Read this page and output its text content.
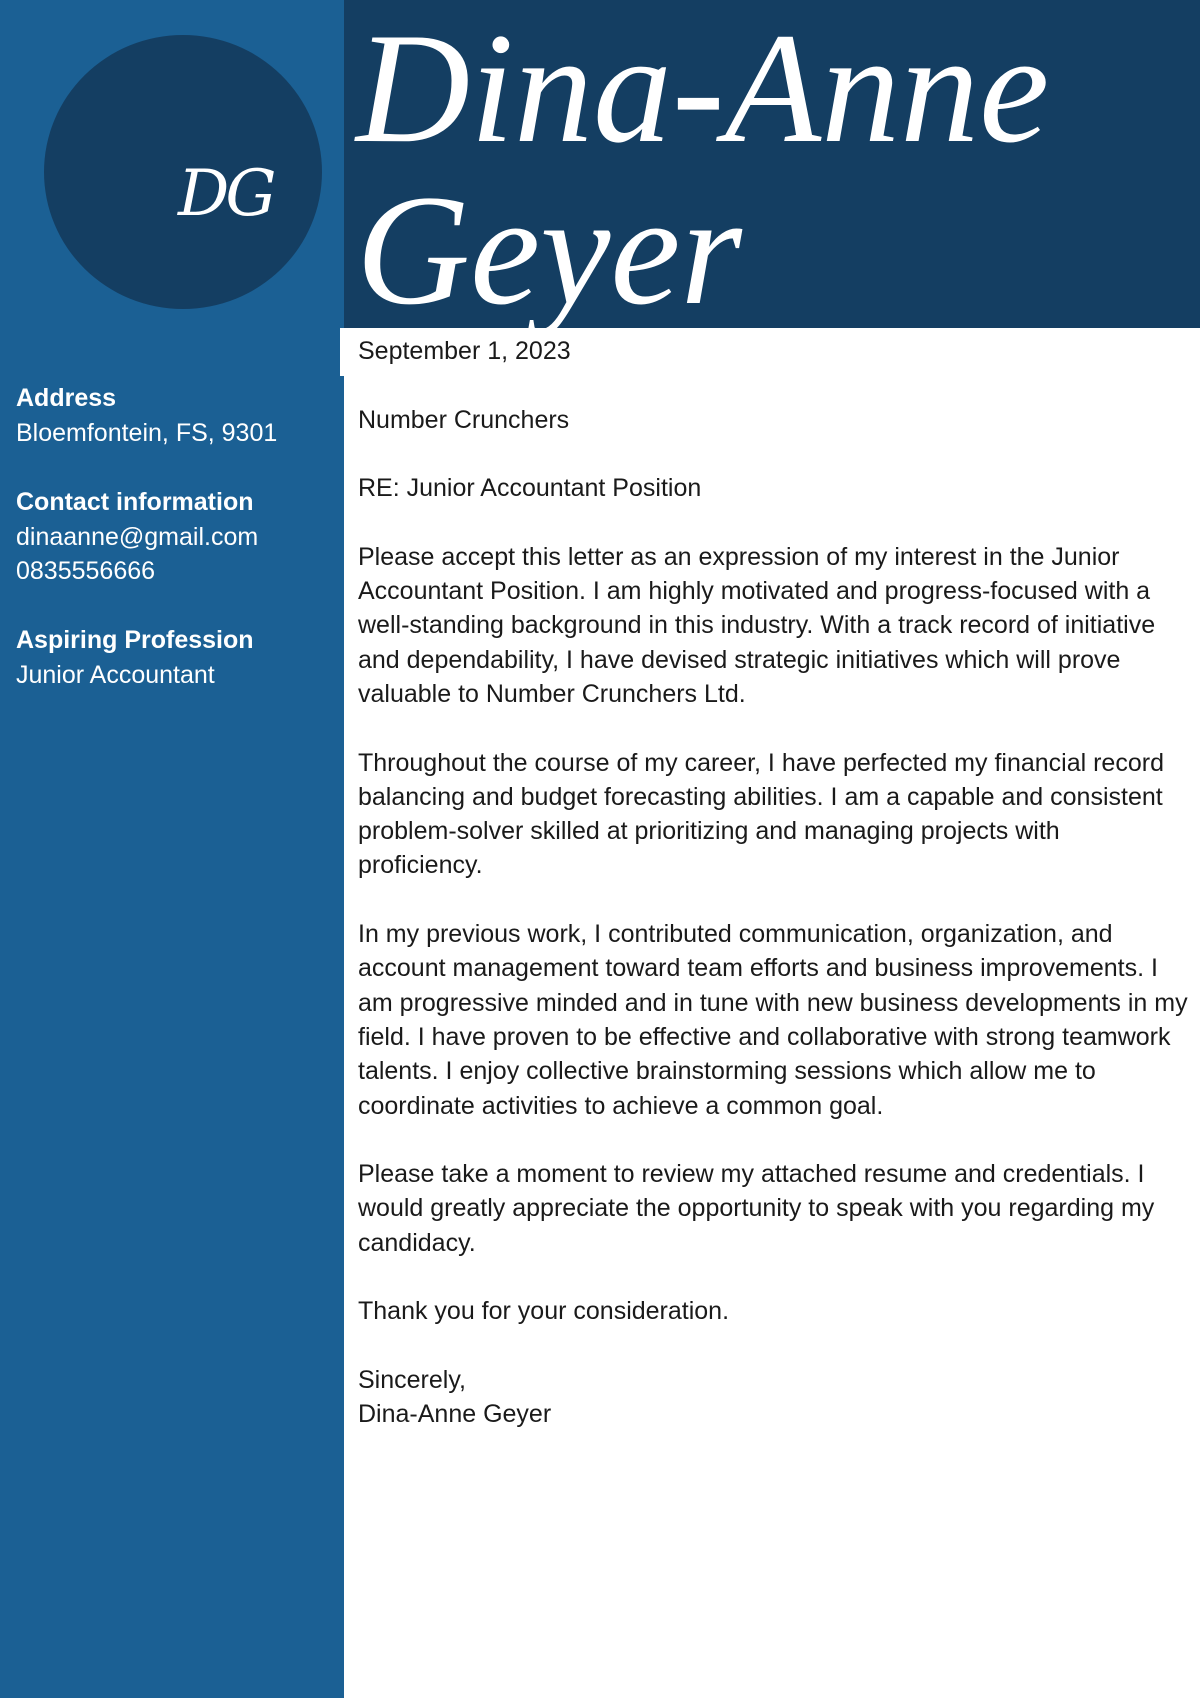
DG
Dina-Anne
Geyer
Address
Bloemfontein, FS, 9301
Contact information
dinaanne@gmail.com
0835556666
Aspiring Profession
Junior Accountant

September 1, 2023

Number Crunchers

RE: Junior Accountant Position

Please accept this letter as an expression of my interest in the Junior Accountant Position. I am highly motivated and progress-focused with a well-standing background in this industry. With a track record of initiative and dependability, I have devised strategic initiatives which will prove valuable to Number Crunchers Ltd.

Throughout the course of my career, I have perfected my financial record balancing and budget forecasting abilities. I am a capable and consistent problem-solver skilled at prioritizing and managing projects with proficiency.

In my previous work, I contributed communication, organization, and account management toward team efforts and business improvements. I am progressive minded and in tune with new business developments in my field. I have proven to be effective and collaborative with strong teamwork talents. I enjoy collective brainstorming sessions which allow me to coordinate activities to achieve a common goal.

Please take a moment to review my attached resume and credentials. I would greatly appreciate the opportunity to speak with you regarding my candidacy.

Thank you for your consideration.

Sincerely,

Dina-Anne Geyer
